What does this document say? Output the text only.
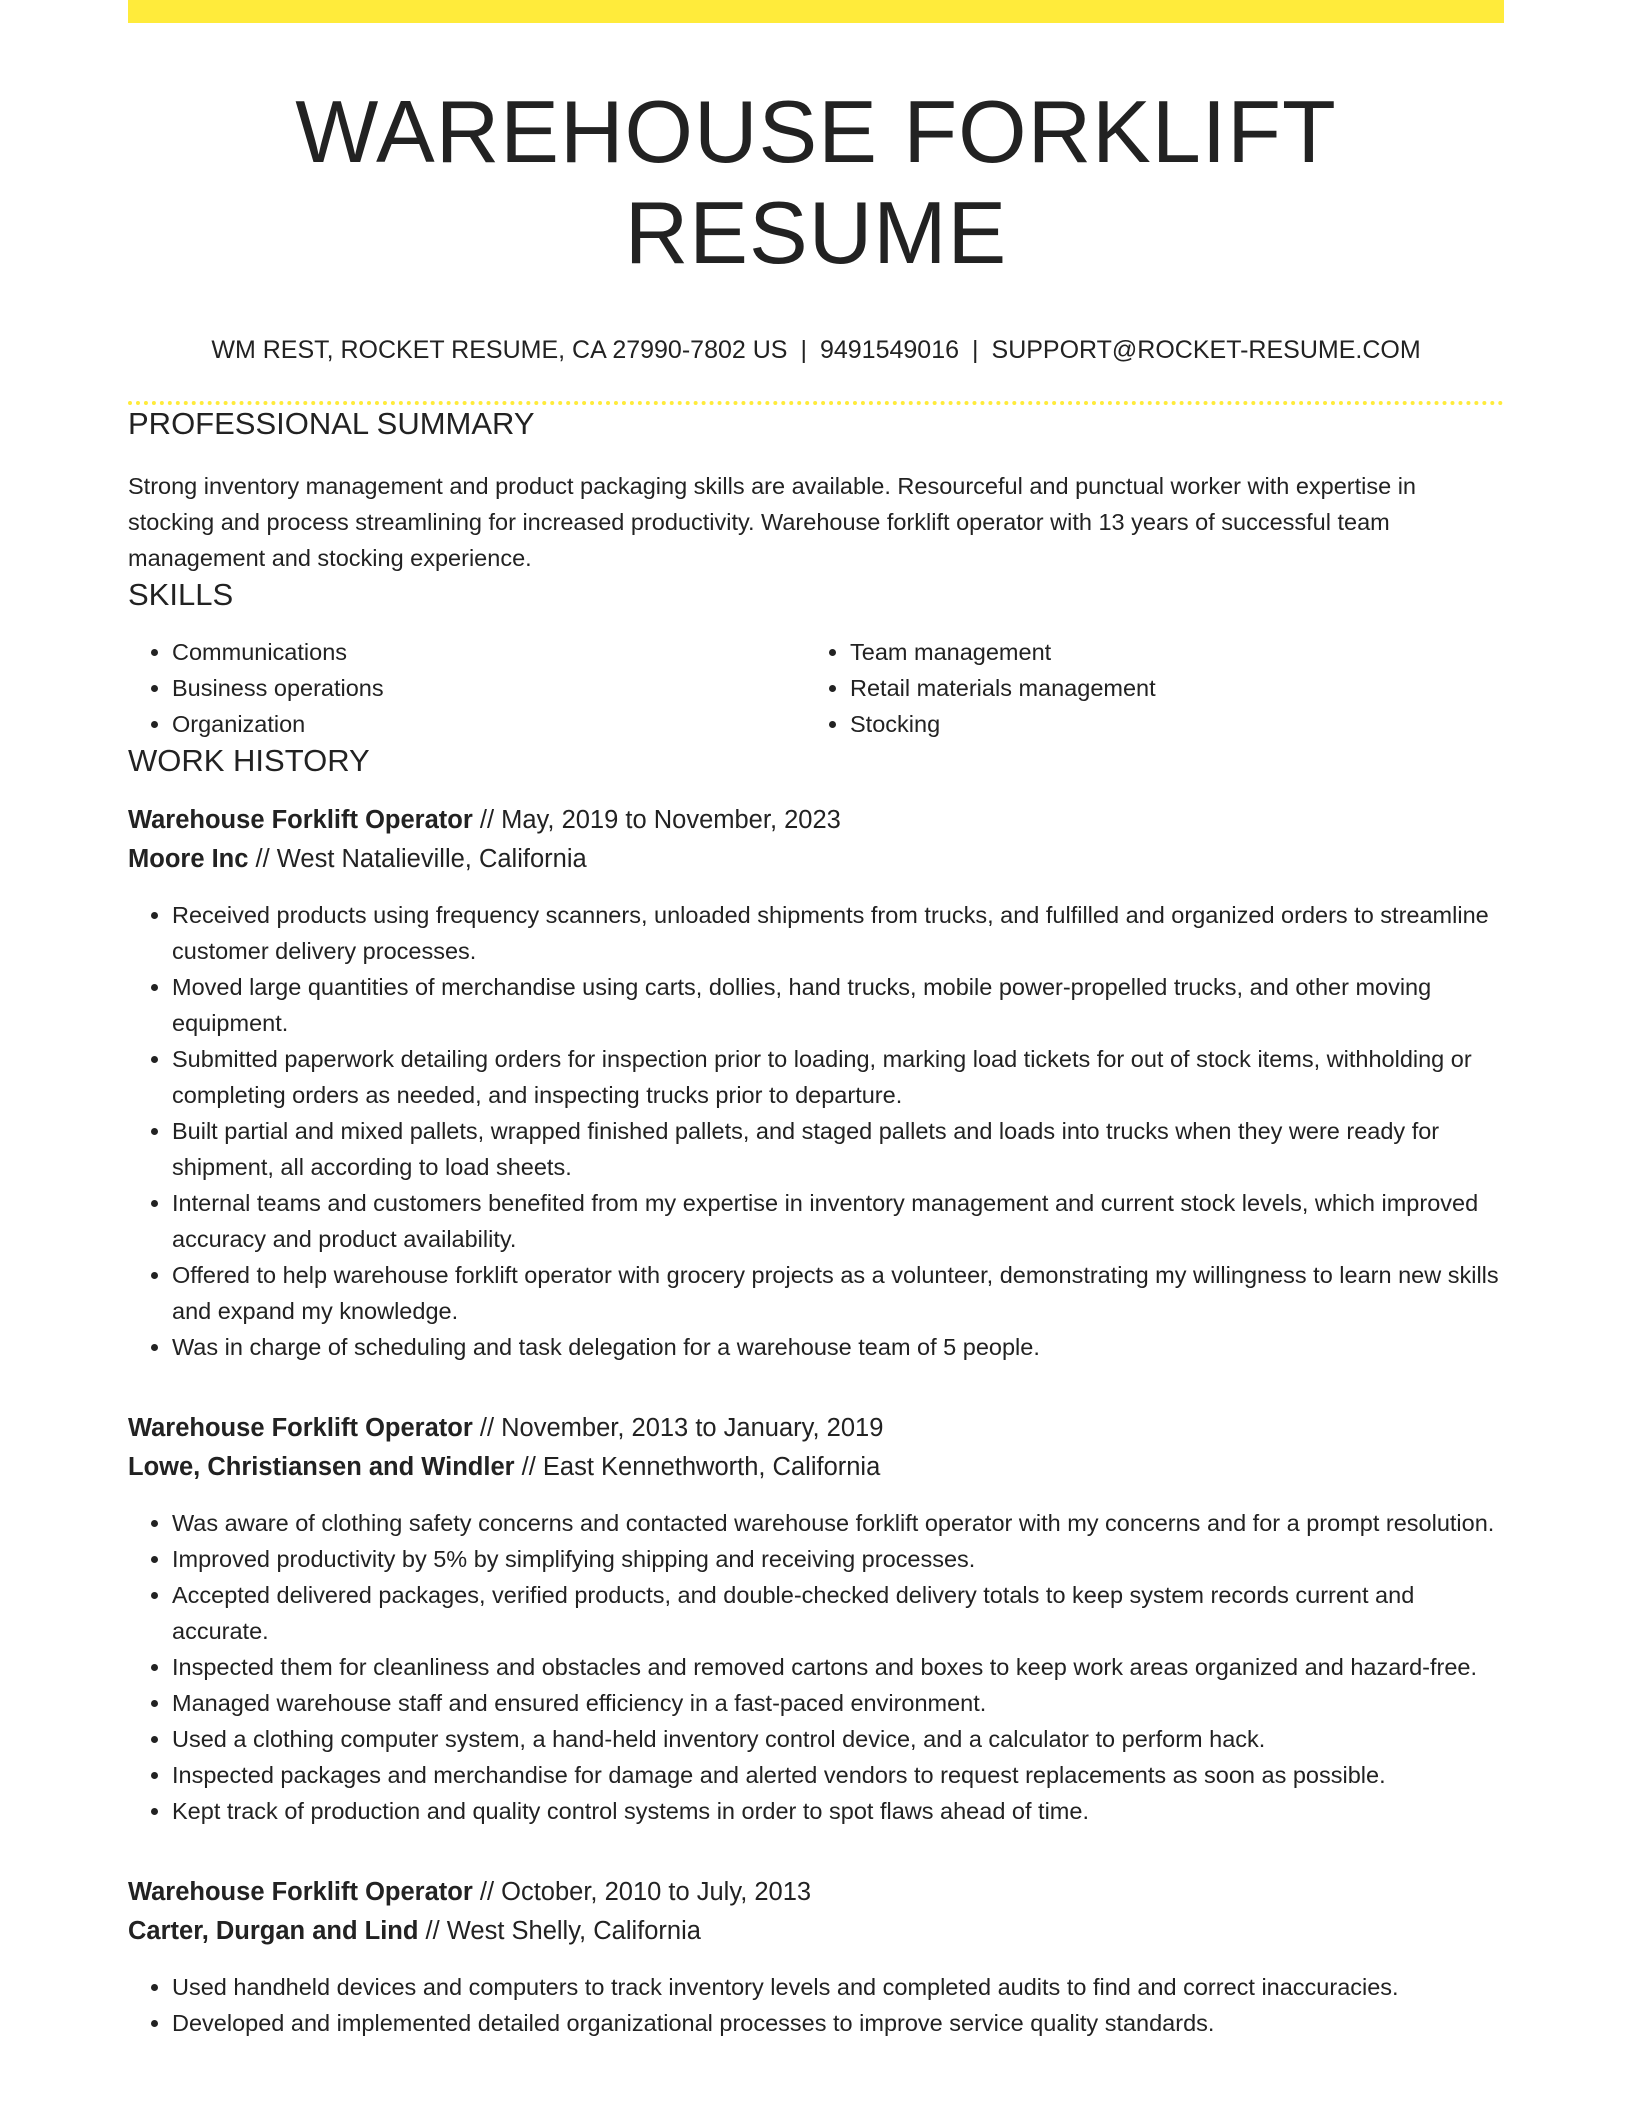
WAREHOUSE FORKLIFT RESUME
WM REST, ROCKET RESUME, CA 27990-7802 US | 9491549016 | SUPPORT@ROCKET-RESUME.COM
PROFESSIONAL SUMMARY
Strong inventory management and product packaging skills are available. Resourceful and punctual worker with expertise in stocking and process streamlining for increased productivity. Warehouse forklift operator with 13 years of successful team management and stocking experience.
SKILLS
• Communications
• Business operations
• Organization
• Team management
• Retail materials management
• Stocking
WORK HISTORY
Warehouse Forklift Operator // May, 2019 to November, 2023
Moore Inc // West Natalieville, California
• Received products using frequency scanners, unloaded shipments from trucks, and fulfilled and organized orders to streamline customer delivery processes.
• Moved large quantities of merchandise using carts, dollies, hand trucks, mobile power-propelled trucks, and other moving equipment.
• Submitted paperwork detailing orders for inspection prior to loading, marking load tickets for out of stock items, withholding or completing orders as needed, and inspecting trucks prior to departure.
• Built partial and mixed pallets, wrapped finished pallets, and staged pallets and loads into trucks when they were ready for shipment, all according to load sheets.
• Internal teams and customers benefited from my expertise in inventory management and current stock levels, which improved accuracy and product availability.
• Offered to help warehouse forklift operator with grocery projects as a volunteer, demonstrating my willingness to learn new skills and expand my knowledge.
• Was in charge of scheduling and task delegation for a warehouse team of 5 people.
Warehouse Forklift Operator // November, 2013 to January, 2019
Lowe, Christiansen and Windler // East Kennethworth, California
• Was aware of clothing safety concerns and contacted warehouse forklift operator with my concerns and for a prompt resolution.
• Improved productivity by 5% by simplifying shipping and receiving processes.
• Accepted delivered packages, verified products, and double-checked delivery totals to keep system records current and accurate.
• Inspected them for cleanliness and obstacles and removed cartons and boxes to keep work areas organized and hazard-free.
• Managed warehouse staff and ensured efficiency in a fast-paced environment.
• Used a clothing computer system, a hand-held inventory control device, and a calculator to perform hack.
• Inspected packages and merchandise for damage and alerted vendors to request replacements as soon as possible.
• Kept track of production and quality control systems in order to spot flaws ahead of time.
Warehouse Forklift Operator // October, 2010 to July, 2013
Carter, Durgan and Lind // West Shelly, California
• Used handheld devices and computers to track inventory levels and completed audits to find and correct inaccuracies.
• Developed and implemented detailed organizational processes to improve service quality standards.
